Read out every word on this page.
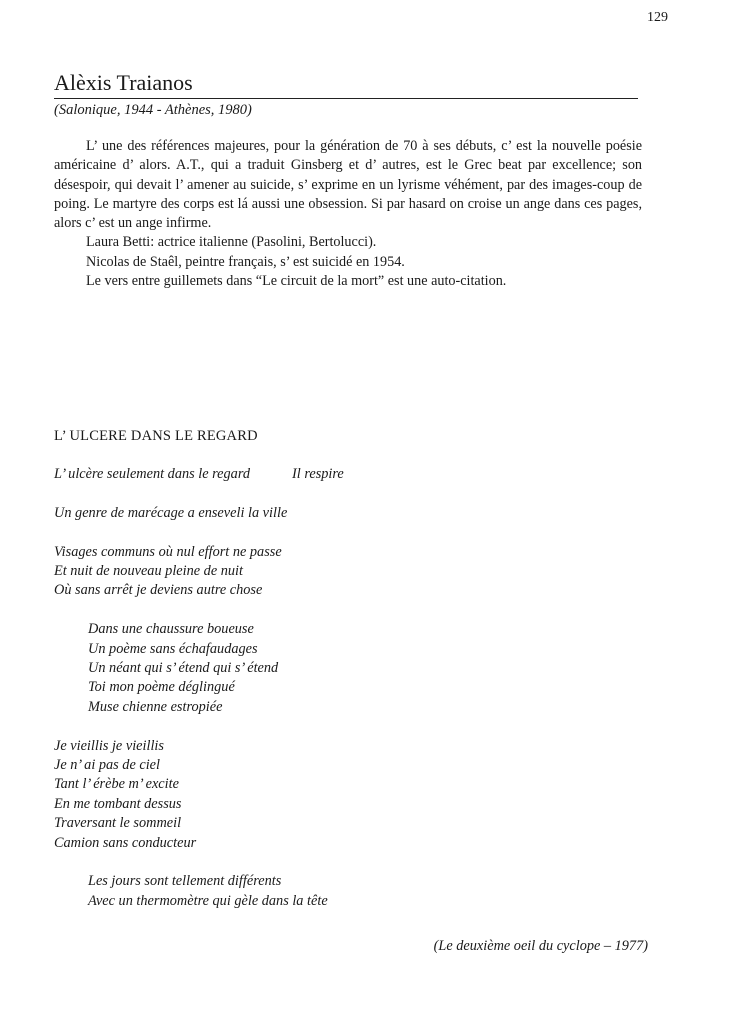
129
Alèxis Traianos
(Salonique, 1944 - Athènes, 1980)

L’ une des références majeures, pour la génération de 70 à ses débuts, c’ est la nouvelle poésie américaine d’ alors. A.T., qui a traduit Ginsberg et d’ autres, est le Grec beat par excellence; son désespoir, qui devait l’ amener au suicide, s’ exprime en un lyrisme véhément, par des images-coup de poing. Le martyre des corps est lá aussi une obsession. Si par hasard on croise un ange dans ces pages, alors c’ est un ange infirme.

Laura Betti: actrice italienne (Pasolini, Bertolucci).

Nicolas de Staêl, peintre français, s’ est suicidé en 1954.

Le vers entre guillemets dans “Le circuit de la mort” est une auto-citation.

L’ ULCERE DANS LE REGARD
L’ ulcère seulement dans le regard	Il respire
Un genre de marécage a enseveli la ville
Visages communs où nul effort ne passe
Et nuit de nouveau pleine de nuit
Où sans arrêt je deviens autre chose
Dans une chaussure boueuse
Un poème sans échafaudages
Un néant qui s’ étend qui s’ étend
Toi mon poème déglingué
Muse chienne estropiée
Je vieillis je vieillis
Je n’ ai pas de ciel
Tant l’ érèbe m’ excite
En me tombant dessus
Traversant le sommeil
Camion sans conducteur
Les jours sont tellement différents
Avec un thermomètre qui gèle dans la tête
(Le deuxième oeil du cyclope – 1977)
